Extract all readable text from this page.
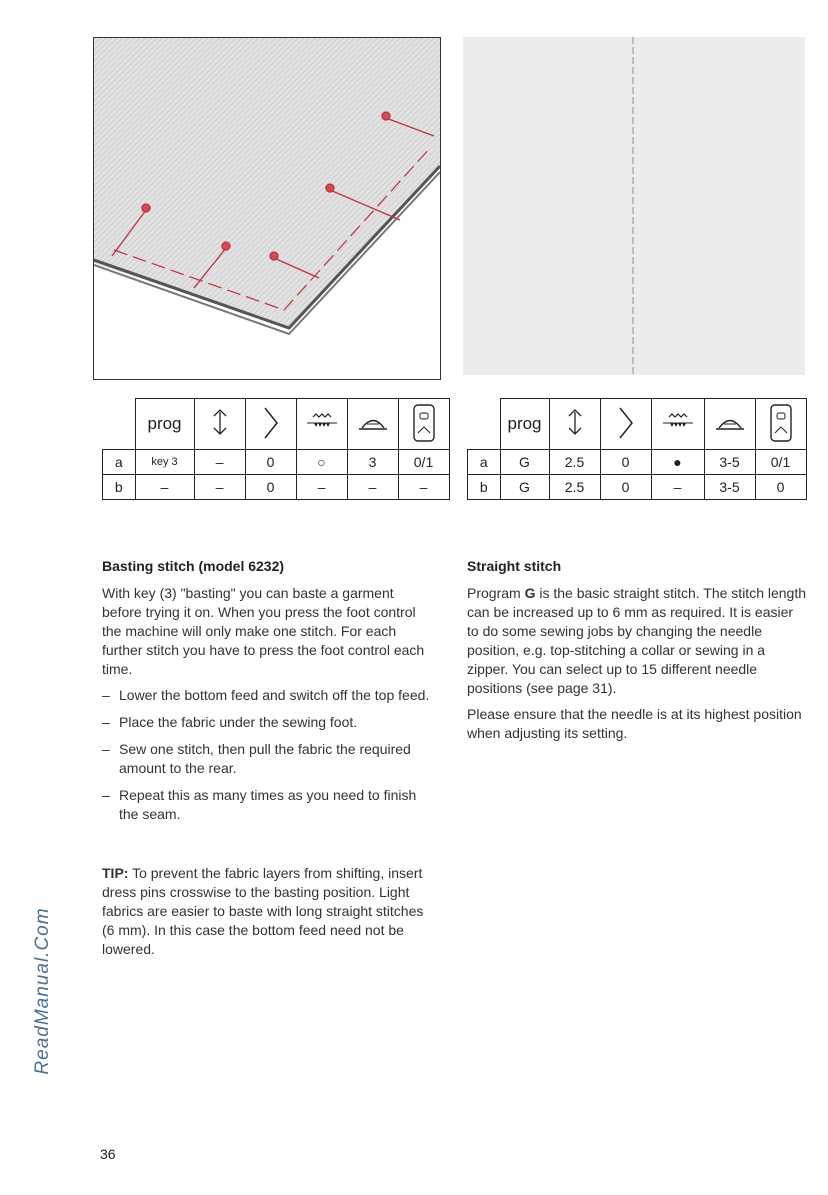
	prog					
a	key 3	–	0	○	3	0/1
b	–	–	0	–	–	–
	prog					
a	G	2.5	0	●	3-5	0/1
b	G	2.5	0	–	3-5	0
Basting stitch (model 6232)

With key (3) "basting" you can baste a garment before trying it on. When you press the foot control the machine will only make one stitch. For each further stitch you have to press the foot control each time.

– Lower the bottom feed and switch off the top feed.
– Place the fabric under the sewing foot.
– Sew one stitch, then pull the fabric the required amount to the rear.
– Repeat this as many times as you need to finish the seam.

TIP: To prevent the fabric layers from shifting, insert dress pins crosswise to the basting position. Light fabrics are easier to baste with long straight stitches (6 mm). In this case the bottom feed need not be lowered.

Straight stitch

Program G is the basic straight stitch. The stitch length can be increased up to 6 mm as required. It is easier to do some sewing jobs by changing the needle position, e.g. top-stitching a collar or sewing in a zipper. You can select up to 15 different needle positions (see page 31).

Please ensure that the needle is at its highest position when adjusting its setting.

ReadManual.Com
36
